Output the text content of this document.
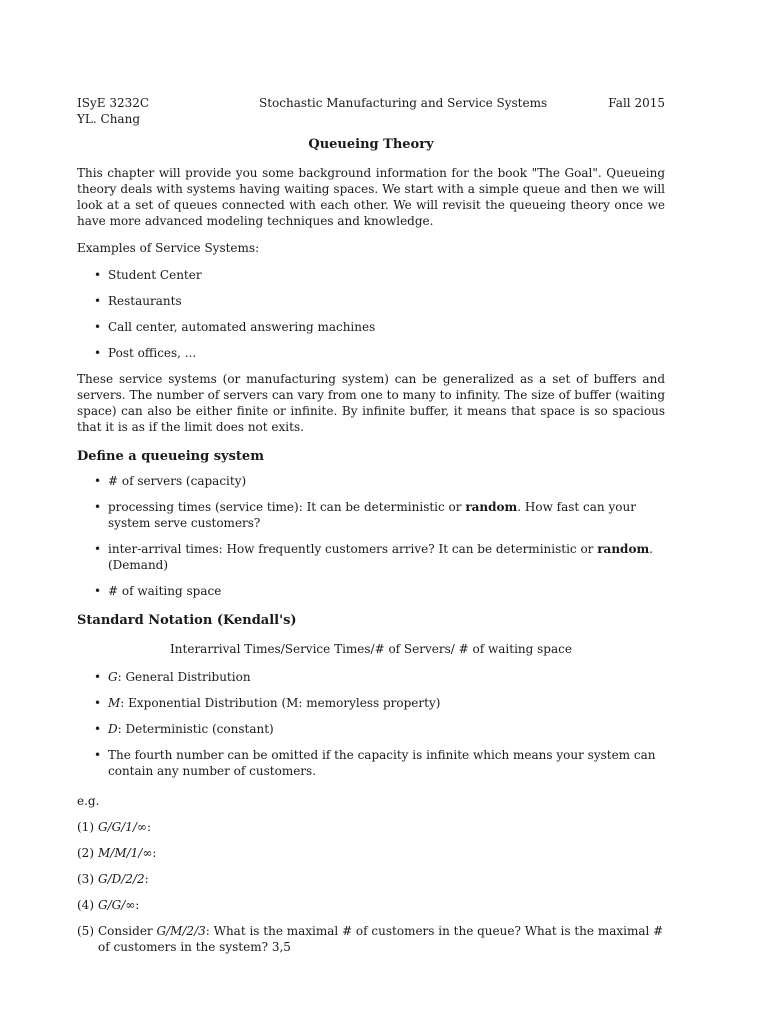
ISyE 3232C
YL. Chang
Stochastic Manufacturing and Service Systems	Fall 2015
Queueing Theory

This chapter will provide you some background information for the book "The Goal". Queueing theory deals with systems having waiting spaces. We start with a simple queue and then we will look at a set of queues connected with each other. We will revisit the queueing theory once we have more advanced modeling techniques and knowledge.

Examples of Service Systems:

• Student Center
• Restaurants
• Call center, automated answering machines
• Post offices, ...

These service systems (or manufacturing system) can be generalized as a set of buffers and servers. The number of servers can vary from one to many to infinity. The size of buffer (waiting space) can also be either finite or infinite. By infinite buffer, it means that space is so spacious that it is as if the limit does not exits.

Define a queueing system
• # of servers (capacity)
• processing times (service time): It can be deterministic or random. How fast can your system serve customers?
• inter-arrival times: How frequently customers arrive? It can be deterministic or random. (Demand)
• # of waiting space
Standard Notation (Kendall's)
Interarrival Times/Service Times/# of Servers/ # of waiting space
• G: General Distribution
• M: Exponential Distribution (M: memoryless property)
• D: Deterministic (constant)
• The fourth number can be omitted if the capacity is infinite which means your system can contain any number of customers.
e.g.
(1) G/G/1/∞:
(2) M/M/1/∞:
(3) G/D/2/2:
(4) G/G/∞:
(5) Consider G/M/2/3: What is the maximal # of customers in the queue? What is the maximal # of customers in the system? 3,5
